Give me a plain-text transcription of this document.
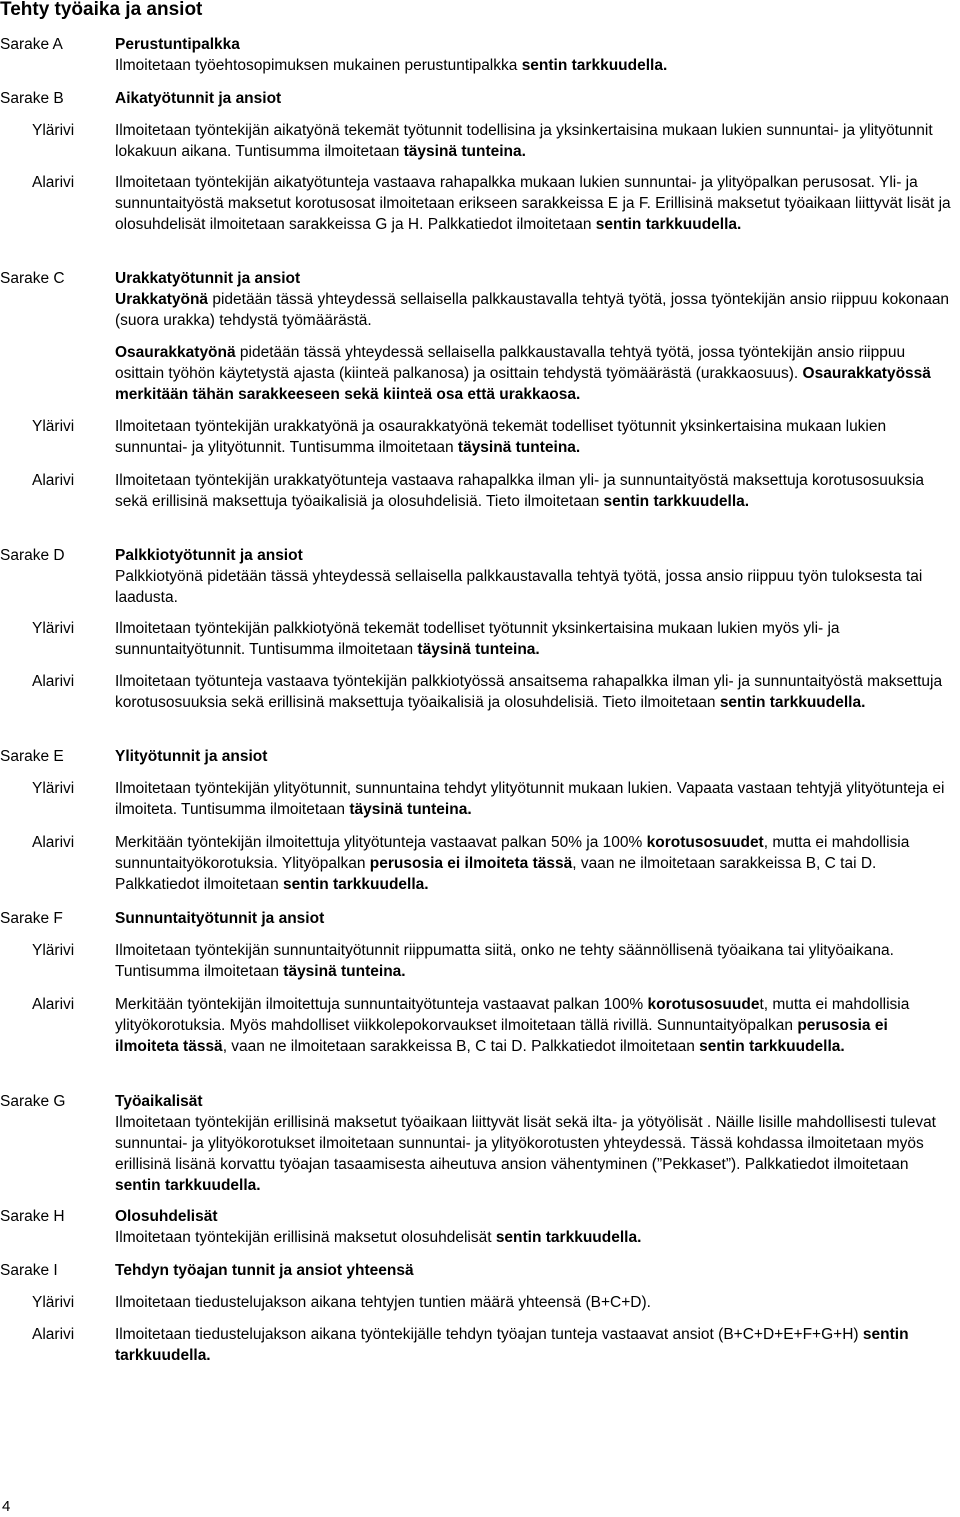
Tehty työaika ja ansiot
Sarake A	Perustuntipalkka
Ilmoitetaan työehtosopimuksen mukainen perustuntipalkka sentin tarkkuudella.
Sarake B	Aikatyötunnit ja ansiot
Ylärivi	Ilmoitetaan työntekijän aikatyönä tekemät työtunnit todellisina ja yksinkertaisina mukaan lukien sunnuntai- ja ylityötunnit lokakuun aikana. Tuntisumma ilmoitetaan täysinä tunteina.
Alarivi	Ilmoitetaan työntekijän aikatyötunteja vastaava rahapalkka mukaan lukien sunnuntai- ja ylityöpalkan perusosat. Yli- ja sunnuntaityöstä maksetut korotusosat ilmoitetaan erikseen sarakkeissa E ja F. Erillisinä maksetut työaikaan liittyvät lisät ja olosuhdelisät ilmoitetaan sarakkeissa G ja H. Palkkatiedot ilmoitetaan sentin tarkkuudella.
Sarake C	Urakkatyötunnit ja ansiot
Urakkatyönä pidetään tässä yhteydessä sellaisella palkkaustavalla tehtyä työtä, jossa työntekijän ansio riippuu kokonaan (suora urakka) tehdystä työmäärästä.
Osaurakkatyönä pidetään tässä yhteydessä sellaisella palkkaustavalla tehtyä työtä, jossa työntekijän ansio riippuu osittain työhön käytetystä ajasta (kiinteä palkanosa) ja osittain tehdystä työmäärästä (urakkaosuus). Osaurakkatyössä merkitään tähän sarakkeeseen sekä kiinteä osa että urakkaosa.
Ylärivi	Ilmoitetaan työntekijän urakkatyönä ja osaurakkatyönä tekemät todelliset työtunnit yksinkertaisina mukaan lukien sunnuntai- ja ylityötunnit. Tuntisumma ilmoitetaan täysinä tunteina.
Alarivi	Ilmoitetaan työntekijän urakkatyötunteja vastaava rahapalkka ilman yli- ja sunnuntaityöstä maksettuja korotusosuuksia sekä erillisinä maksettuja työaikalisiä ja olosuhdelisiä. Tieto ilmoitetaan sentin tarkkuudella.
Sarake D	Palkkiotyötunnit ja ansiot
Palkkiotyönä pidetään tässä yhteydessä sellaisella palkkaustavalla tehtyä työtä, jossa ansio riippuu työn tuloksesta tai laadusta.
Ylärivi	Ilmoitetaan työntekijän palkkiotyönä tekemät todelliset työtunnit yksinkertaisina mukaan lukien myös yli- ja sunnuntaityötunnit. Tuntisumma ilmoitetaan täysinä tunteina.
Alarivi	Ilmoitetaan työtunteja vastaava työntekijän palkkiotyössä ansaitsema rahapalkka ilman yli- ja sunnuntaityöstä maksettuja korotusosuuksia sekä erillisinä maksettuja työaikalisiä ja olosuhdelisiä. Tieto ilmoitetaan sentin tarkkuudella.
Sarake E	Ylityötunnit ja ansiot
Ylärivi	Ilmoitetaan työntekijän ylityötunnit, sunnuntaina tehdyt ylityötunnit mukaan lukien. Vapaata vastaan tehtyjä ylityötunteja ei ilmoiteta. Tuntisumma ilmoitetaan täysinä tunteina.
Alarivi	Merkitään työntekijän ilmoitettuja ylityötunteja vastaavat palkan 50% ja 100% korotusosuudet, mutta ei mahdollisia sunnuntaityökorotuksia. Ylityöpalkan perusosia ei ilmoiteta tässä, vaan ne ilmoitetaan sarakkeissa B, C tai D. Palkkatiedot ilmoitetaan sentin tarkkuudella.
Sarake F	Sunnuntaityötunnit ja ansiot
Ylärivi	Ilmoitetaan työntekijän sunnuntaityötunnit riippumatta siitä, onko ne tehty säännöllisenä työaikana tai ylityöaikana. Tuntisumma ilmoitetaan täysinä tunteina.
Alarivi	Merkitään työntekijän ilmoitettuja sunnuntaityötunteja vastaavat palkan 100% korotusosuudet, mutta ei mahdollisia ylityökorotuksia. Myös mahdolliset viikkolepokorvaukset ilmoitetaan tällä rivillä. Sunnuntaityöpalkan perusosia ei ilmoiteta tässä, vaan ne ilmoitetaan sarakkeissa B, C tai D. Palkkatiedot ilmoitetaan sentin tarkkuudella.
Sarake G	Työaikalisät
Ilmoitetaan työntekijän erillisinä maksetut työaikaan liittyvät lisät sekä ilta- ja yötyölisät . Näille lisille mahdollisesti tulevat sunnuntai- ja ylityökorotukset ilmoitetaan sunnuntai- ja ylityökorotusten yhteydessä. Tässä kohdassa ilmoitetaan myös erillisinä lisänä korvattu työajan tasaamisesta aiheutuva ansion vähentyminen (”Pekkaset”). Palkkatiedot ilmoitetaan sentin tarkkuudella.
Sarake H	Olosuhdelisät
Ilmoitetaan työntekijän erillisinä maksetut olosuhdelisät sentin tarkkuudella.
Sarake I	Tehdyn työajan tunnit ja ansiot yhteensä
Ylärivi	Ilmoitetaan tiedustelujakson aikana tehtyjen tuntien määrä yhteensä (B+C+D).
Alarivi	Ilmoitetaan tiedustelujakson aikana työntekijälle tehdyn työajan tunteja vastaavat ansiot (B+C+D+E+F+G+H) sentin tarkkuudella.
4
